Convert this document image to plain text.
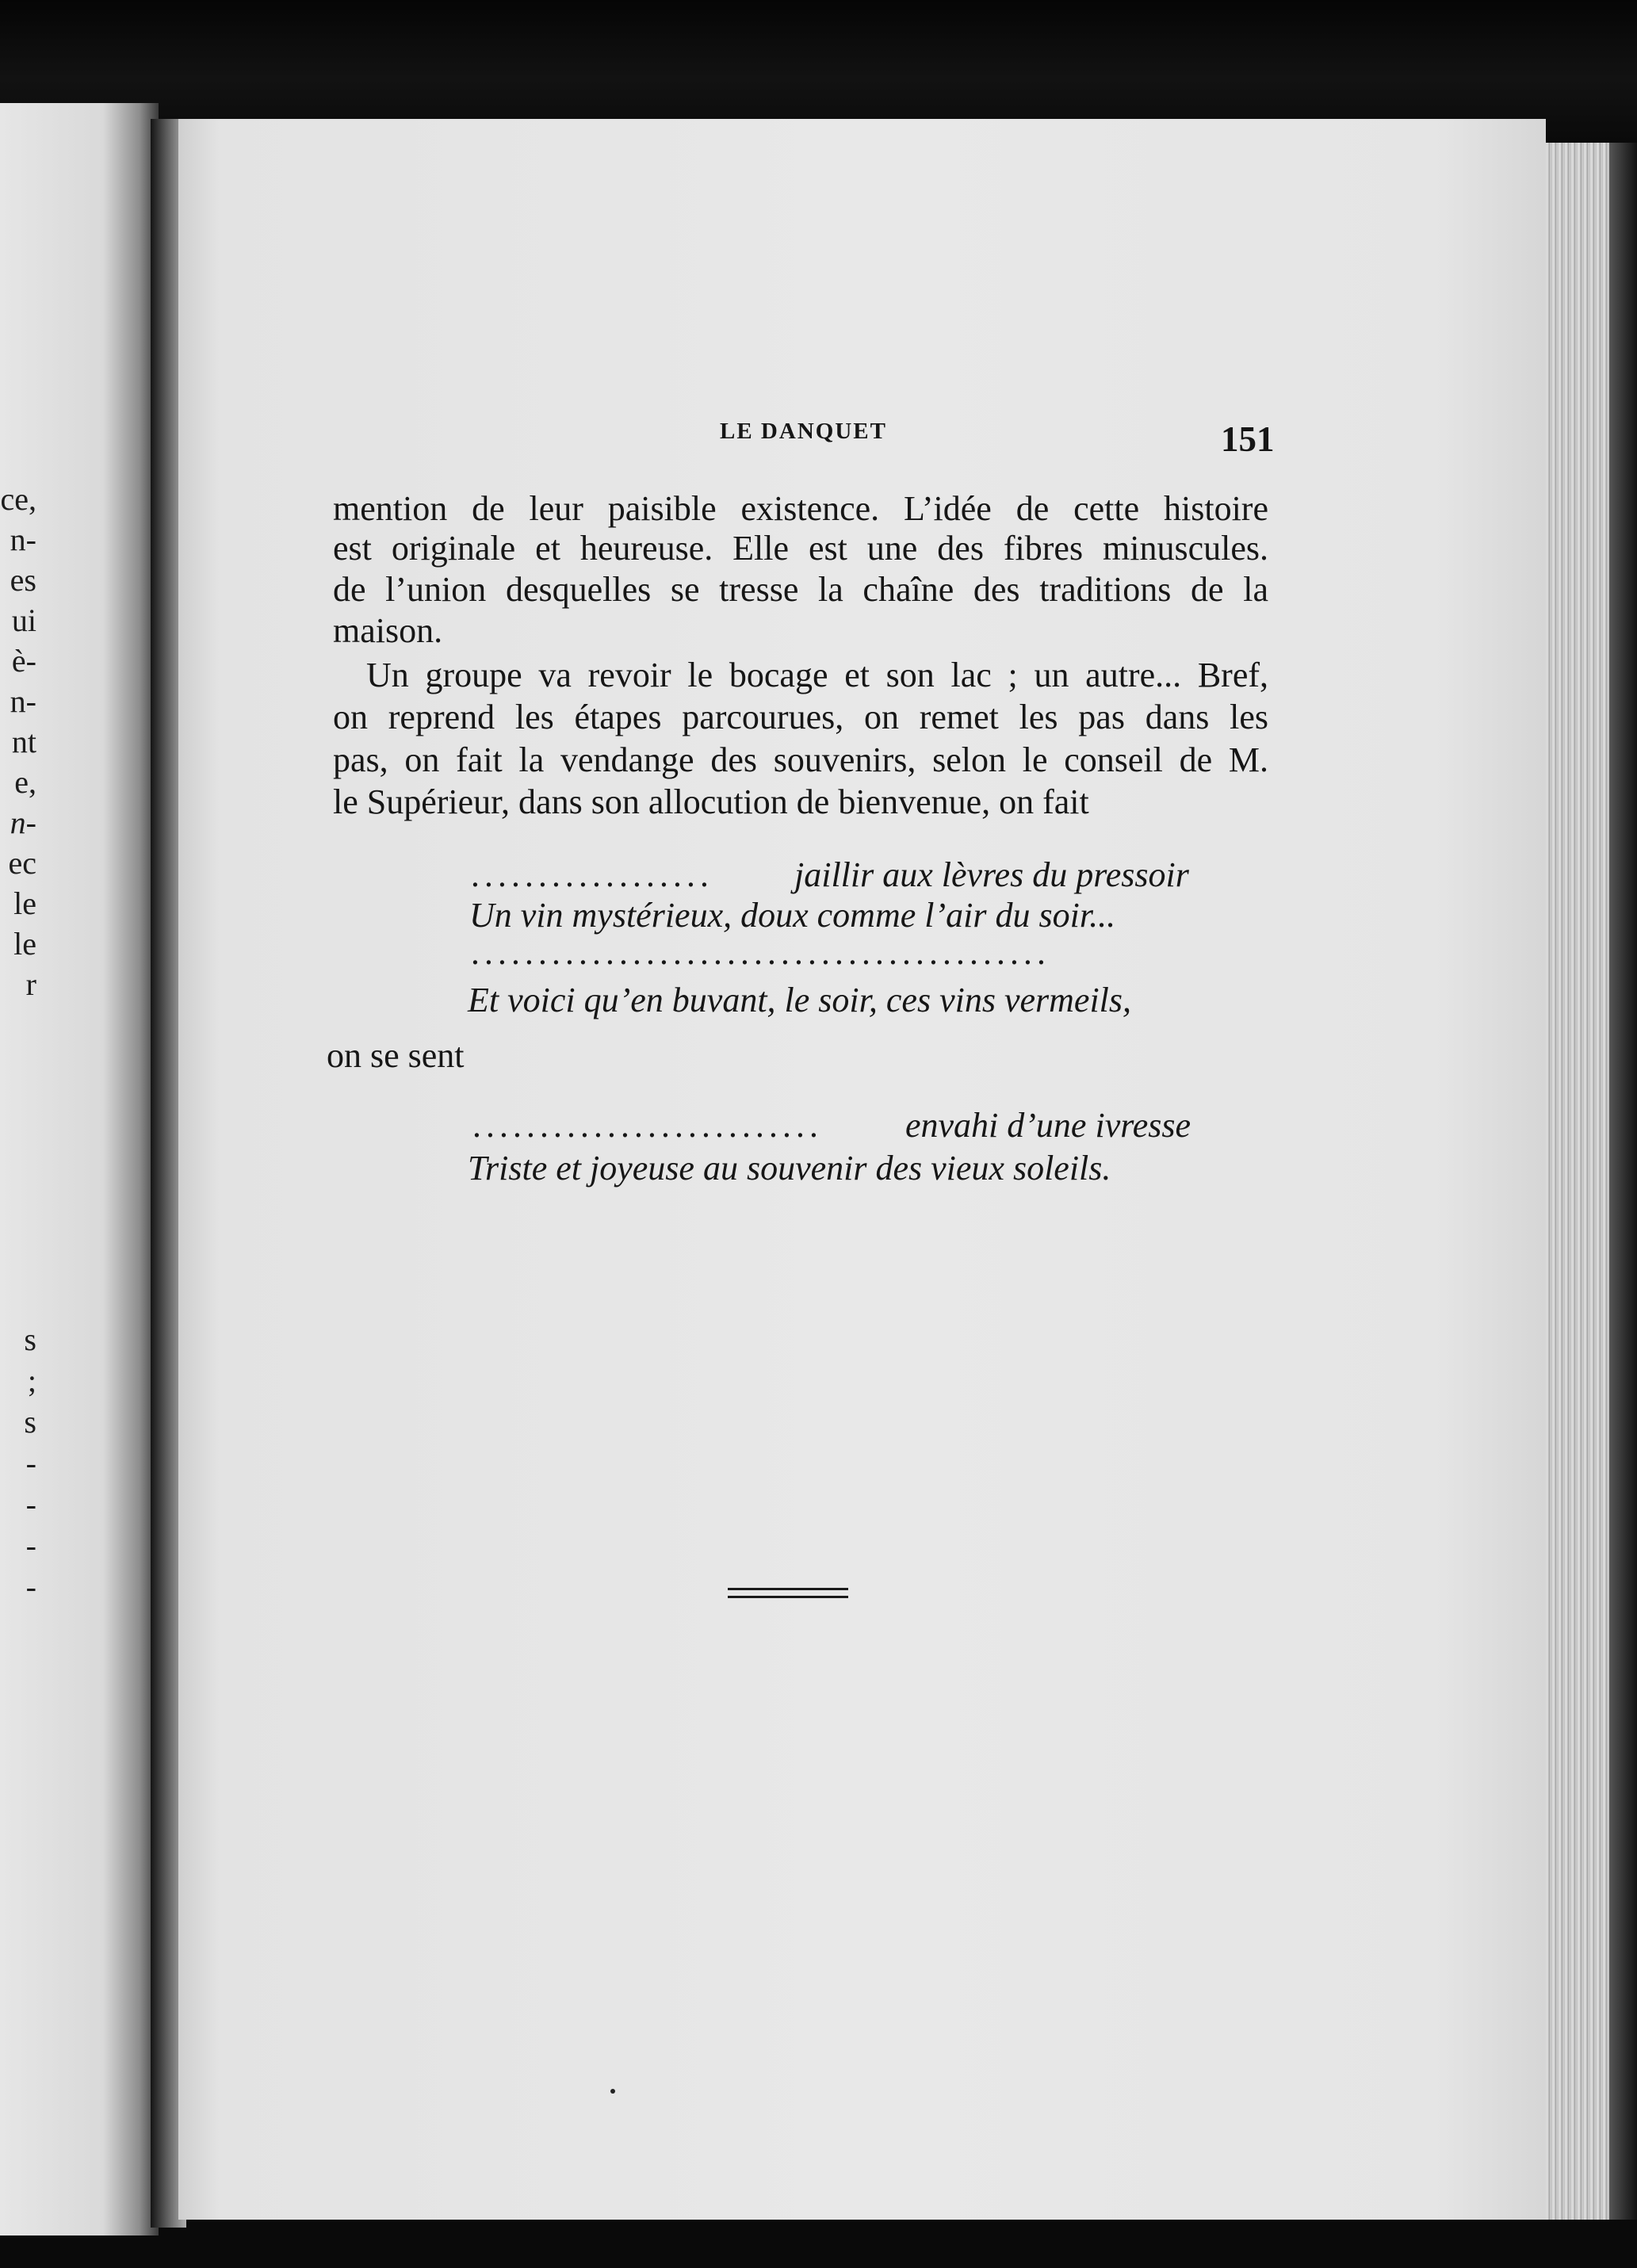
ce,
n-
es
ui
è-
n-
nt
e,
n-
ec
le
le
r
s
;
s
-
-
-
-
LE DANQUET	151
mention de leur paisible existence. L’idée de cette histoire
est originale et heureuse. Elle est une des fibres minuscules.
de l’union desquelles se tresse la chaîne des traditions de la
maison.
Un groupe va revoir le bocage et son lac ; un autre... Bref,
on reprend les étapes parcourues, on remet les pas dans les
pas, on fait la vendange des souvenirs, selon le conseil de M.
le Supérieur, dans son allocution de bienvenue, on fait
.................. jaillir aux lèvres du pressoir
Un vin mystérieux, doux comme l’air du soir...
...........................................
Et voici qu’en buvant, le soir, ces vins vermeils,
on se sent
.......................... envahi d’une ivresse
Triste et joyeuse au souvenir des vieux soleils.
